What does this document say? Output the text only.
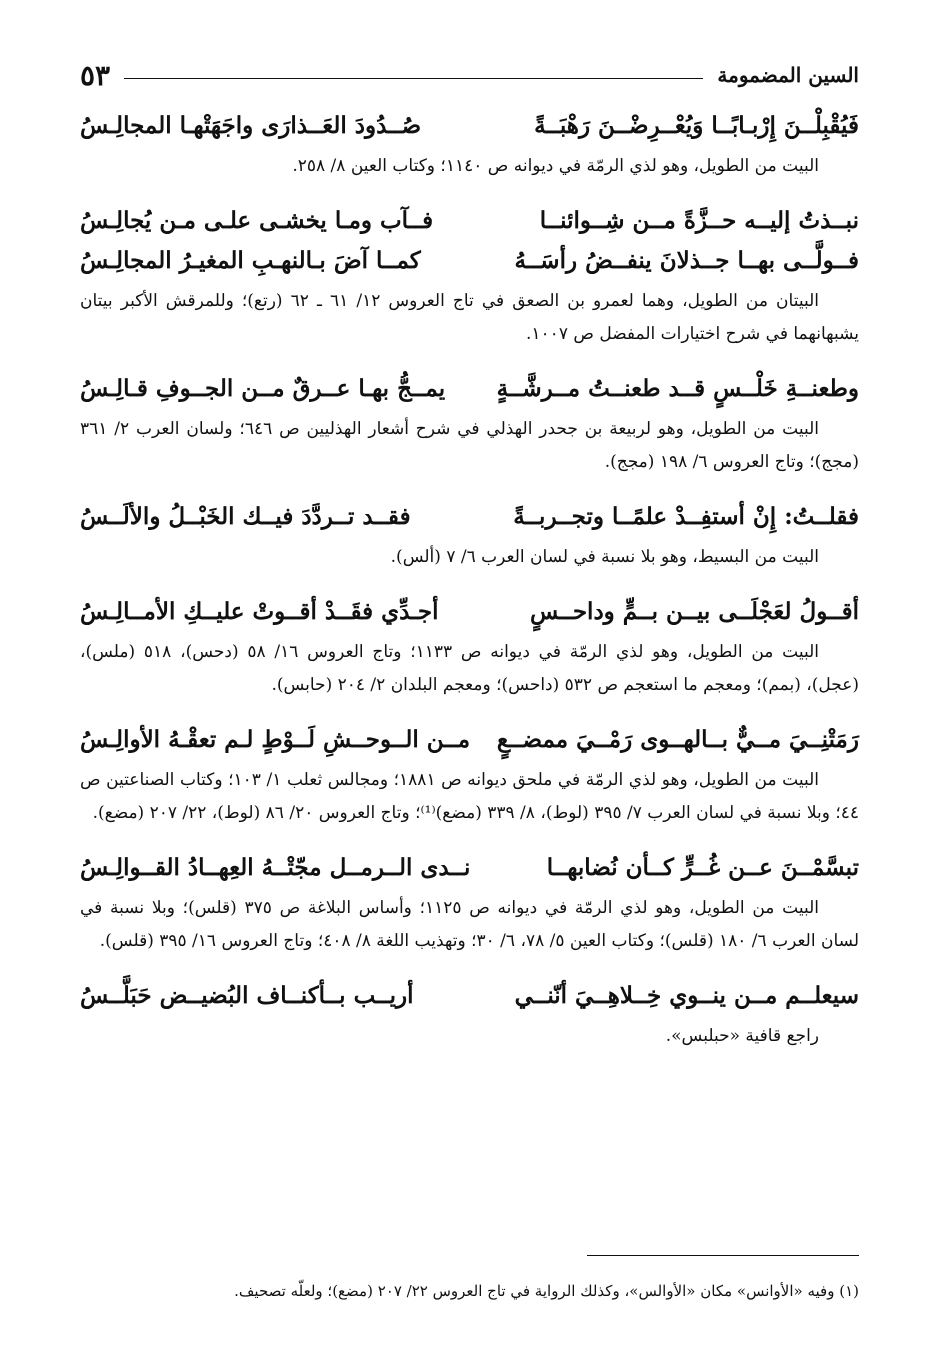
السين المضمومة
٥٣
فَيُقْبِلْــنَ إِرْبـابًــا وَيُعْــرِضْــنَ رَهْبَــةً
صُــدُودَ العَــذارَى واجَهَتْهـا المجالِـسُ

البيت من الطويل، وهو لذي الرمّة في ديوانه ص ١١٤٠؛ وكتاب العين ٨/ ٢٥٨.

نبــذتُ إليــه حــزَّةً مــن شِــوائنــا
فــآب ومـا يخشـى علـى مـن يُجالِـسُ
فــولَّــى بهــا جــذلانَ ينفــضُ رأسَــهُ
كمــا آضَ بـالنهـبِ المغيـرُ المجالِـسُ

البيتان من الطويل، وهما لعمرو بن الصعق في تاج العروس ١٢/ ٦١ ـ ٦٢ (رتع)؛ وللمرقش الأكبر بيتان يشبهانهما في شرح اختيارات المفضل ص ١٠٠٧.

وطعنــةِ خَلْــسٍ قــد طعنــتُ مــرشَّــةٍ
يمــجُّ بهـا عــرقٌ مــن الجــوفِ قـالِـسُ

البيت من الطويل، وهو لربيعة بن جحدر الهذلي في شرح أشعار الهذليين ص ٦٤٦؛ ولسان العرب ٢/ ٣٦١ (مجج)؛ وتاج العروس ٦/ ١٩٨ (مجج).

فقلــتُ: إِنْ أستفِــدْ علمًــا وتجــربــةً
فقــد تــردَّدَ فيــك الخَبْــلُ والألَــسُ

البيت من البسيط، وهو بلا نسبة في لسان العرب ٦/ ٧ (ألس).

أقــولُ لعَجْلَــى بيــن بــمٍّ وداحــسٍ
أجـدِّي فقَــدْ أقــوتْ عليــكِ الأمــالِـسُ

البيت من الطويل، وهو لذي الرمّة في ديوانه ص ١١٣٣؛ وتاج العروس ١٦/ ٥٨ (دحس)، ٥١٨ (ملس)، (عجل)، (بمم)؛ ومعجم ما استعجم ص ٥٣٢ (داحس)؛ ومعجم البلدان ٢/ ٢٠٤ (حابس).

رَمَتْنِــيَ مــيٌّ بــالهــوى رَمْــيَ ممضــعٍ
مــن الــوحــشِ لَــوْطٍ لـم تعقْـهُ الأوالِـسُ

البيت من الطويل، وهو لذي الرمّة في ملحق ديوانه ص ١٨٨١؛ ومجالس ثعلب ١/ ١٠٣؛ وكتاب الصناعتين ص ٤٤؛ وبلا نسبة في لسان العرب ٧/ ٣٩٥ (لوط)، ٨/ ٣٣٩ (مضع)⁽¹⁾؛ وتاج العروس ٢٠/ ٨٦ (لوط)، ٢٢/ ٢٠٧ (مضع).

تبسَّمْــنَ عــن غُــرٍّ كــأن نُضابهــا
نــدى الــرمــل مجّتْــهُ العِهــادُ القــوالِـسُ

البيت من الطويل، وهو لذي الرمّة في ديوانه ص ١١٢٥؛ وأساس البلاغة ص ٣٧٥ (قلس)؛ وبلا نسبة في لسان العرب ٦/ ١٨٠ (قلس)؛ وكتاب العين ٥/ ٧٨، ٦/ ٣٠؛ وتهذيب اللغة ٨/ ٤٠٨؛ وتاج العروس ١٦/ ٣٩٥ (قلس).

سيعلــم مــن ينــوي خِــلاهِــيَ أنّنــي
أريــب بــأكنــاف البُضيــض حَبَلَّــسُ

راجع قافية «حبلبس».

(١) وفيه «الأوانس» مكان «الأوالس»، وكذلك الرواية في تاج العروس ٢٢/ ٢٠٧ (مضع)؛ ولعلّه تصحيف.
